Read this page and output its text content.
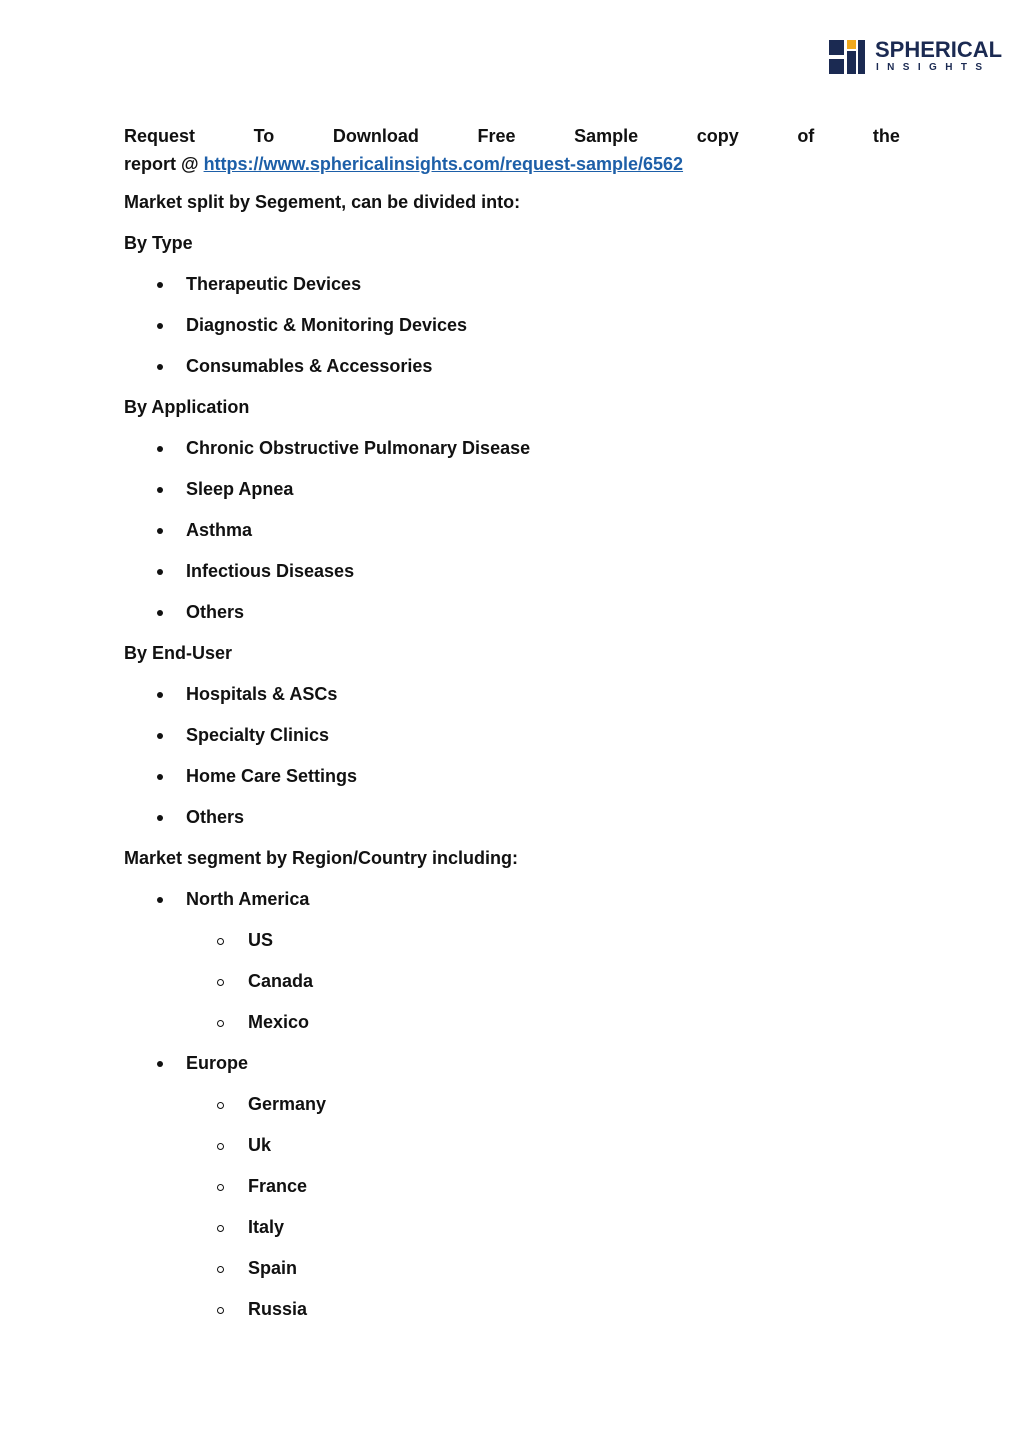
SPHERICAL
INSIGHTS
Request	To	Download	Free	Sample	copy	of	the
report @ https://www.sphericalinsights.com/request-sample/6562
Market split by Segement, can be divided into:
By Type
Therapeutic Devices
Diagnostic & Monitoring Devices
Consumables & Accessories
By Application
Chronic Obstructive Pulmonary Disease
Sleep Apnea
Asthma
Infectious Diseases
Others
By End-User
Hospitals & ASCs
Specialty Clinics
Home Care Settings
Others
Market segment by Region/Country including:
North America
US
Canada
Mexico
Europe
Germany
Uk
France
Italy
Spain
Russia
